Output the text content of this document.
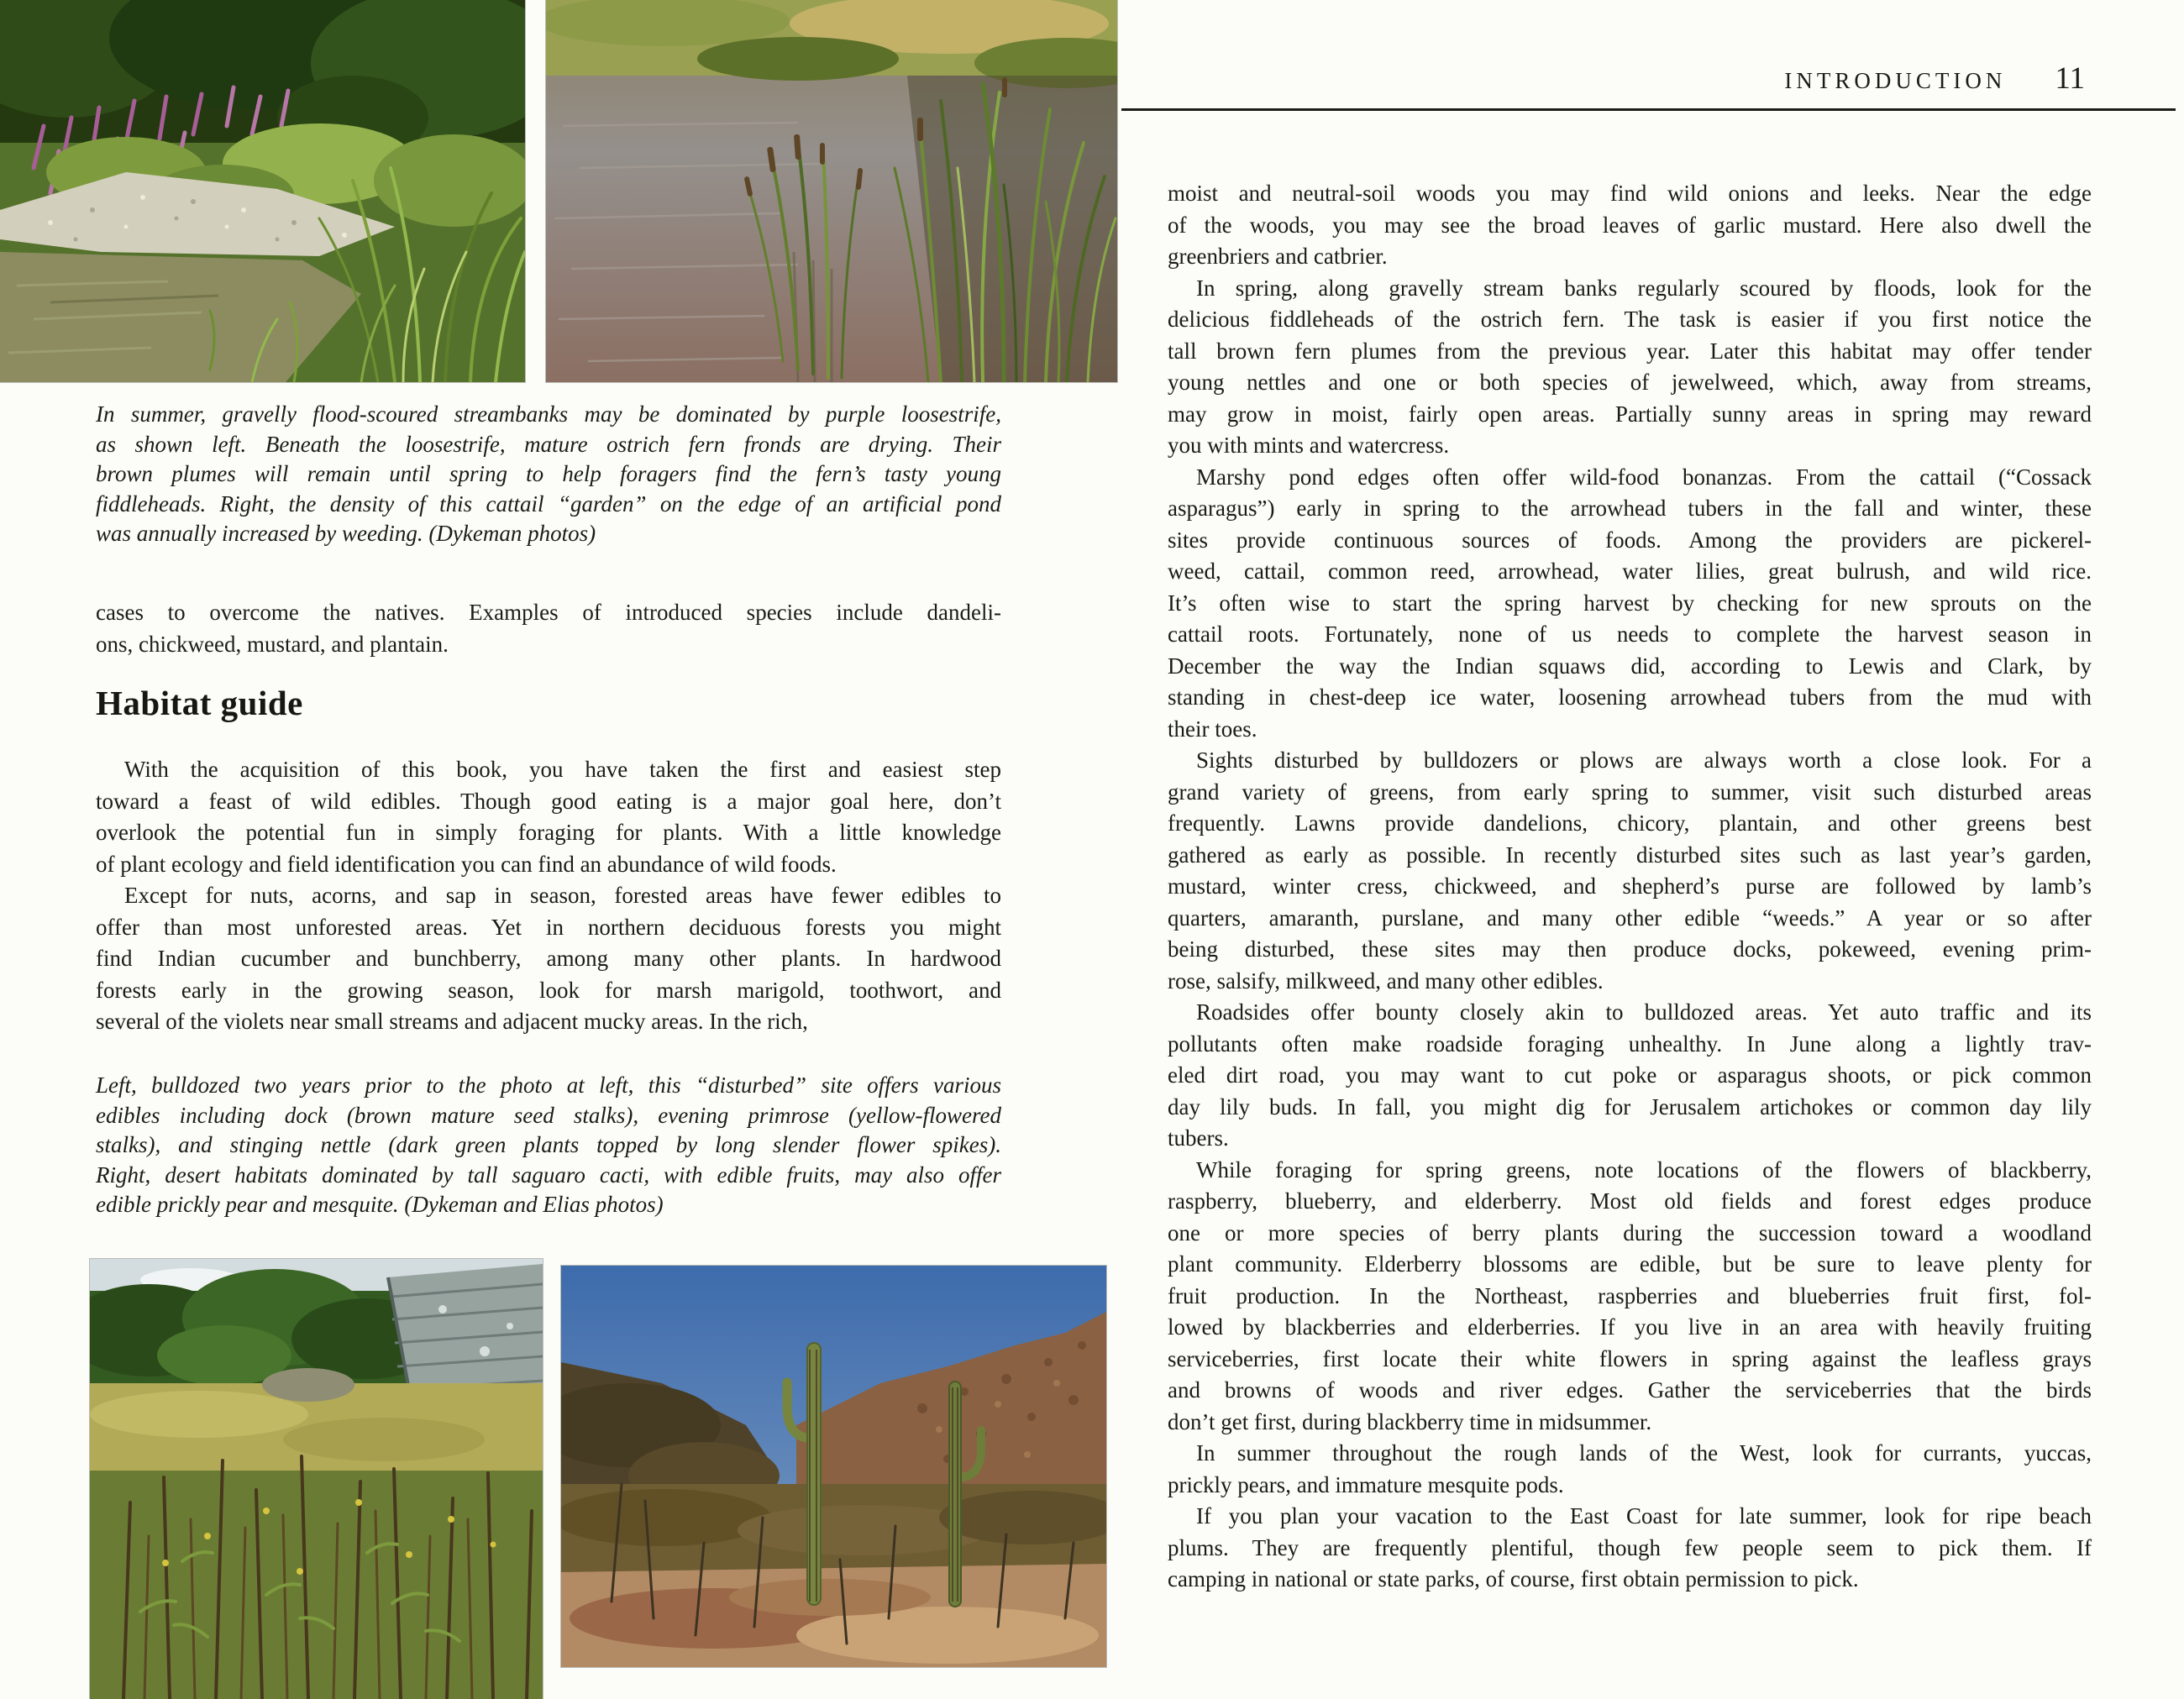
INTRODUCTION 11
In summer, gravelly flood-scoured streambanks may be dominated by purple loosestrife,
as shown left. Beneath the loosestrife, mature ostrich fern fronds are drying. Their
brown plumes will remain until spring to help foragers find the fern’s tasty young
fiddleheads. Right, the density of this cattail “garden” on the edge of an artificial pond
was annually increased by weeding. (Dykeman photos)
cases to overcome the natives. Examples of introduced species include dandeli-
ons, chickweed, mustard, and plantain.
Habitat guide
With the acquisition of this book, you have taken the first and easiest step
toward a feast of wild edibles. Though good eating is a major goal here, don’t
overlook the potential fun in simply foraging for plants. With a little knowledge
of plant ecology and field identification you can find an abundance of wild foods.
Except for nuts, acorns, and sap in season, forested areas have fewer edibles to
offer than most unforested areas. Yet in northern deciduous forests you might
find Indian cucumber and bunchberry, among many other plants. In hardwood
forests early in the growing season, look for marsh marigold, toothwort, and
several of the violets near small streams and adjacent mucky areas. In the rich,
Left, bulldozed two years prior to the photo at left, this “disturbed” site offers various
edibles including dock (brown mature seed stalks), evening primrose (yellow-flowered
stalks), and stinging nettle (dark green plants topped by long slender flower spikes).
Right, desert habitats dominated by tall saguaro cacti, with edible fruits, may also offer
edible prickly pear and mesquite. (Dykeman and Elias photos)
moist and neutral-soil woods you may find wild onions and leeks. Near the edge
of the woods, you may see the broad leaves of garlic mustard. Here also dwell the
greenbriers and catbrier.
In spring, along gravelly stream banks regularly scoured by floods, look for the
delicious fiddleheads of the ostrich fern. The task is easier if you first notice the
tall brown fern plumes from the previous year. Later this habitat may offer tender
young nettles and one or both species of jewelweed, which, away from streams,
may grow in moist, fairly open areas. Partially sunny areas in spring may reward
you with mints and watercress.
Marshy pond edges often offer wild-food bonanzas. From the cattail (“Cossack
asparagus”) early in spring to the arrowhead tubers in the fall and winter, these
sites provide continuous sources of foods. Among the providers are pickerel-
weed, cattail, common reed, arrowhead, water lilies, great bulrush, and wild rice.
It’s often wise to start the spring harvest by checking for new sprouts on the
cattail roots. Fortunately, none of us needs to complete the harvest season in
December the way the Indian squaws did, according to Lewis and Clark, by
standing in chest-deep ice water, loosening arrowhead tubers from the mud with
their toes.
Sights disturbed by bulldozers or plows are always worth a close look. For a
grand variety of greens, from early spring to summer, visit such disturbed areas
frequently. Lawns provide dandelions, chicory, plantain, and other greens best
gathered as early as possible. In recently disturbed sites such as last year’s garden,
mustard, winter cress, chickweed, and shepherd’s purse are followed by lamb’s
quarters, amaranth, purslane, and many other edible “weeds.” A year or so after
being disturbed, these sites may then produce docks, pokeweed, evening prim-
rose, salsify, milkweed, and many other edibles.
Roadsides offer bounty closely akin to bulldozed areas. Yet auto traffic and its
pollutants often make roadside foraging unhealthy. In June along a lightly trav-
eled dirt road, you may want to cut poke or asparagus shoots, or pick common
day lily buds. In fall, you might dig for Jerusalem artichokes or common day lily
tubers.
While foraging for spring greens, note locations of the flowers of blackberry,
raspberry, blueberry, and elderberry. Most old fields and forest edges produce
one or more species of berry plants during the succession toward a woodland
plant community. Elderberry blossoms are edible, but be sure to leave plenty for
fruit production. In the Northeast, raspberries and blueberries fruit first, fol-
lowed by blackberries and elderberries. If you live in an area with heavily fruiting
serviceberries, first locate their white flowers in spring against the leafless grays
and browns of woods and river edges. Gather the serviceberries that the birds
don’t get first, during blackberry time in midsummer.
In summer throughout the rough lands of the West, look for currants, yuccas,
prickly pears, and immature mesquite pods.
If you plan your vacation to the East Coast for late summer, look for ripe beach
plums. They are frequently plentiful, though few people seem to pick them. If
camping in national or state parks, of course, first obtain permission to pick.
